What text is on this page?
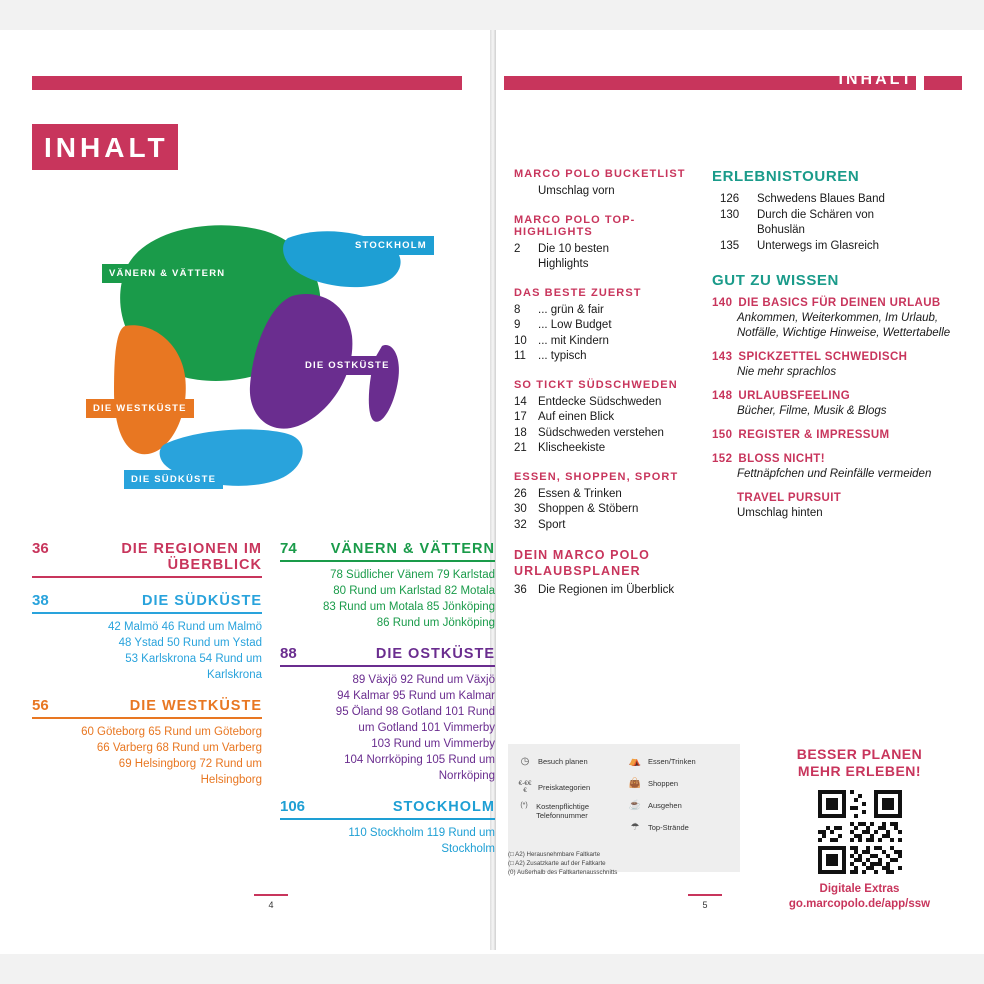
INHALT
VÄNERN & VÄTTERN
STOCKHOLM
DIE OSTKÜSTE
DIE WESTKÜSTE
DIE SÜDKÜSTE
36	DIE REGIONEN IM ÜBERBLICK
38	DIE SÜDKÜSTE
42 Malmö 46 Rund um Malmö
48 Ystad 50 Rund um Ystad
53 Karlskrona 54 Rund um
Karlskrona
56	DIE WESTKÜSTE
60 Göteborg 65 Rund um Göteborg
66 Varberg 68 Rund um Varberg
69 Helsingborg 72 Rund um
Helsingborg
74	VÄNERN & VÄTTERN
78 Südlicher Vänem 79 Karlstad
80 Rund um Karlstad 82 Motala
83 Rund um Motala 85 Jönköping
86 Rund um Jönköping
88	DIE OSTKÜSTE
89 Växjö 92 Rund um Växjö
94 Kalmar 95 Rund um Kalmar
95 Öland 98 Gotland 101 Rund
um Gotland 101 Vimmerby
103 Rund um Vimmerby
104 Norrköping 105 Rund um
Norrköping
106	STOCKHOLM
110 Stockholm 119 Rund um
Stockholm
4
INHALT
MARCO POLO BUCKETLIST
Umschlag vorn
MARCO POLO TOP-HIGHLIGHTS
2	Die 10 besten
Highlights
DAS BESTE ZUERST
8	... grün & fair
9	... Low Budget
10 ... mit Kindern
11	... typisch
SO TICKT SÜDSCHWEDEN
14 Entdecke Südschweden
17 Auf einen Blick
18 Südschweden verstehen
21 Klischeekiste
ESSEN, SHOPPEN, SPORT
26 Essen & Trinken
30 Shoppen & Stöbern
32 Sport
DEIN MARCO POLO URLAUBSPLANER
36 Die Regionen im Überblick
ERLEBNISTOUREN
126	Schwedens Blaues Band
130	Durch die Schären von
Bohuslän
135	Unterwegs im Glasreich
GUT ZU WISSEN
140 DIE BASICS FÜR DEINEN URLAUB
Ankommen, Weiterkommen, Im Urlaub, Notfälle, Wichtige Hinweise, Wettertabelle
143 SPICKZETTEL SCHWEDISCH
Nie mehr sprachlos
148 URLAUBSFEELING
Bücher, Filme, Musik & Blogs
150 REGISTER & IMPRESSUM
152 BLOSS NICHT!
Fettnäpfchen und Reinfälle vermeiden
TRAVEL PURSUIT
Umschlag hinten
◷	Besuch planen
€-€€€	Preiskategorien
(*)	Kostenpflichtige Telefonnummer
⛺ Essen/Trinken
👜 Shoppen
☕ Ausgehen
☂	Top-Strände
(□ A2) Herausnehmbare Faltkarte
(□ A2) Zusatzkarte auf der Faltkarte
(0) Außerhalb des Faltkartenausschnitts
BESSER PLANEN
MEHR ERLEBEN!
Digitale Extras
go.marcopolo.de/app/ssw
5
